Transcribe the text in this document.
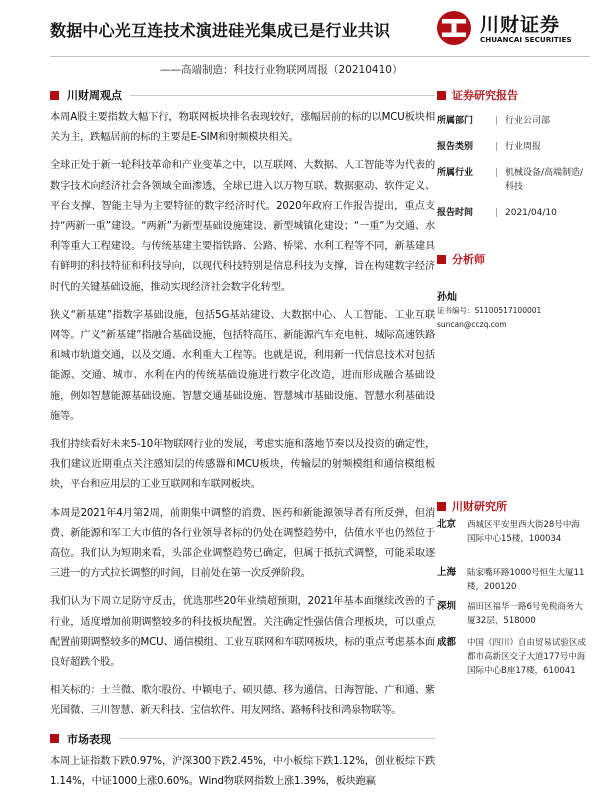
数据中心光互连技术演进硅光集成已是行业共识
——高端制造：科技行业物联网周报（20210410）
川财证券
CHUANCAI SECURITIES
川财周观点

本周A股主要指数大幅下行，物联网板块排名表现较好，涨幅居前的标的以MCU板块相关为主，跌幅居前的标的主要是E-SIM和射频模块相关。

全球正处于新一轮科技革命和产业变革之中，以互联网、大数据、人工智能等为代表的数字技术向经济社会各领域全面渗透，全球已进入以万物互联、数据驱动、软件定义、平台支撑、智能主导为主要特征的数字经济时代。2020年政府工作报告提出，重点支持“两新一重”建设。“两新”为新型基础设施建设、新型城镇化建设；“一重”为交通、水利等重大工程建设。与传统基建主要指铁路、公路、桥梁、水利工程等不同，新基建具有鲜明的科技特征和科技导向，以现代科技特别是信息科技为支撑，旨在构建数字经济时代的关键基础设施，推动实现经济社会数字化转型。

狭义“新基建”指数字基础设施，包括5G基站建设、大数据中心、人工智能、工业互联网等。广义“新基建”指融合基础设施，包括特高压、新能源汽车充电桩、城际高速铁路和城市轨道交通，以及交通、水利重大工程等。也就是说，利用新一代信息技术对包括能源、交通、城市、水利在内的传统基础设施进行数字化改造，进而形成融合基础设施，例如智慧能源基础设施、智慧交通基础设施、智慧城市基础设施、智慧水利基础设施等。

我们持续看好未来5-10年物联网行业的发展，考虑实施和落地节奏以及投资的确定性，我们建议近期重点关注感知层的传感器和MCU板块，传输层的射频模组和通信模组板块，平台和应用层的工业互联网和车联网板块。

本周是2021年4月第2周，前期集中调整的消费、医药和新能源领导者有所反弹，但消费、新能源和军工大市值的各行业领导者标的仍处在调整趋势中，估值水平也仍然位于高位。我们认为短期来看，头部企业调整趋势已确定，但属于抵抗式调整，可能采取逐三进一的方式拉长调整的时间，目前处在第一次反弹阶段。

我们认为下周立足防守反击，优选那些20年业绩超预期，2021年基本面继续改善的子行业，适度增加前期调整较多的科技板块配置。关注确定性强估值合理板块，可以重点配置前期调整较多的MCU、通信模组、工业互联网和车联网板块，标的重点考虑基本面良好超跌个股。

相关标的：士兰微、歌尔股份、中颖电子、硕贝德、移为通信、日海智能、广和通、紫光国微、三川智慧、新天科技、宝信软件、用友网络、路畅科技和鸿泉物联等。

市场表现

本周上证指数下跌0.97%，沪深300下跌2.45%，中小板综下跌1.12%，创业板综下跌1.14%，中证1000上涨0.60%。Wind物联网指数上涨1.39%，板块跑赢

证券研究报告
所属部门	| 行业公司部
报告类别	| 行业周报
所属行业	| 机械设备/高端制造/科技
报告时间	| 2021/04/10
分析师
孙灿
证书编号：S1100517100001
suncan@cczq.com
川财研究所
北京	西城区平安里西大街28号中海国际中心15楼，100034
上海	陆家嘴环路1000号恒生大厦11楼，200120
深圳	福田区福华一路6号免税商务大厦32层，518000
成都	中国（四川）自由贸易试验区成都市高新区交子大道177号中海国际中心B座17楼，610041
